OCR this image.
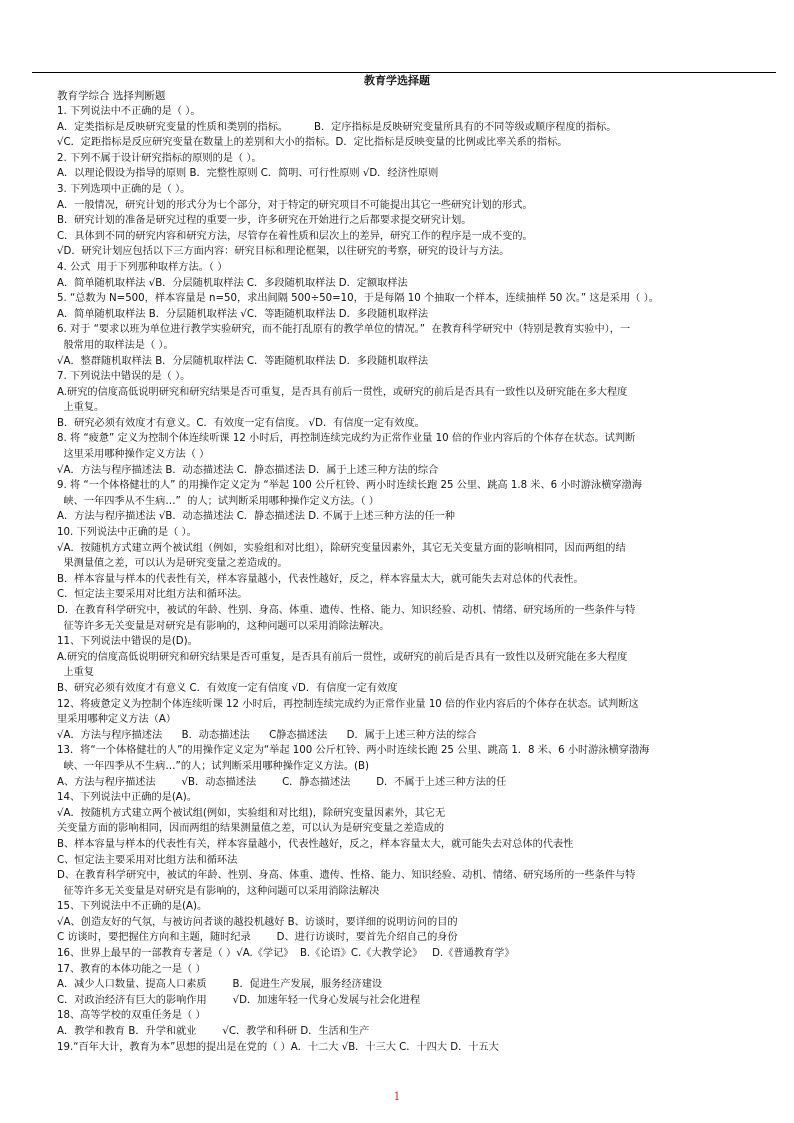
教育学选择题
教育学综合 选择判断题
1. 下列说法中不正确的是（ ）。
A．定类指标是反映研究变量的性质和类别的指标。        B．定序指标是反映研究变量所具有的不同等级或顺序程度的指标。
√C．定距指标是反应研究变量在数量上的差别和大小的指标。D．定比指标是反映变量的比例或比率关系的指标。
2. 下列不属于设计研究指标的原则的是（ ）。
A．以理论假设为指导的原则 B．完整性原则 C．简明、可行性原则 √D．经济性原则
3. 下列选项中正确的是（ ）。
A．一般情况，研究计划的形式分为七个部分，对于特定的研究项目不可能提出其它一些研究计划的形式。
B．研究计划的准备是研究过程的重要一步，许多研究在开始进行之后都要求提交研究计划。
C．具体到不同的研究内容和研究方法，尽管存在着性质和层次上的差异，研究工作的程序是一成不变的。
√D．研究计划应包括以下三方面内容：研究目标和理论框架，以往研究的考察，研究的设计与方法。
4. 公式  用于下列那种取样方法。（ ）
A．简单随机取样法 √B．分层随机取样法 C．多段随机取样法 D．定额取样法
5. “总数为 N=500，样本容量是 n=50，求出间隔 500÷50=10，于是每隔 10 个抽取一个样本，连续抽样 50 次。” 这是采用（ ）。
A．简单随机取样法 B．分层随机取样法 √C．等距随机取样法 D．多段随机取样法
6. 对于 “要求以班为单位进行教学实验研究，而不能打乱原有的教学单位的情况。”  在教育科学研究中（特别是教育实验中），一
般常用的取样法是（ ）。
√A．整群随机取样法 B．分层随机取样法 C．等距随机取样法 D．多段随机取样法
7. 下列说法中错误的是（ ）。
A.研究的信度高低说明研究和研究结果是否可重复，是否具有前后一贯性，或研究的前后是否具有一致性以及研究能在多大程度
上重复。
B．研究必须有效度才有意义。C．有效度一定有信度。 √D．有信度一定有效度。
8. 将 “疲惫” 定义为控制个体连续听课 12 小时后，再控制连续完成约为正常作业量 10 倍的作业内容后的个体存在状态。试判断
这里采用哪种操作定义方法（ ）
√A．方法与程序描述法 B．动态描述法 C．静态描述法 D．属于上述三种方法的综合
9. 将 “一个体格健壮的人” 的用操作定义定为 “举起 100 公斤杠铃、两小时连续长跑 25 公里、跳高 1.8 米、6 小时游泳横穿渤海
峡、一年四季从不生病…”  的人；试判断采用哪种操作定义方法。（ ）
A．方法与程序描述法 √B．动态描述法 C．静态描述法 D. 不属于上述三种方法的任一种
10. 下列说法中正确的是（ ）。
√A．按随机方式建立两个被试组（例如，实验组和对比组），除研究变量因素外，其它无关变量方面的影响相同，因而两组的结
果测量值之差，可以认为是研究变量之差造成的。
B．样本容量与样本的代表性有关，样本容量越小，代表性越好，反之，样本容量太大，就可能失去对总体的代表性。
C．恒定法主要采用对比组方法和循环法。
D．在教育科学研究中，被试的年龄、性别、身高、体重、遗传、性格、能力、知识经验、动机、情绪、研究场所的一些条件与特
征等许多无关变量是对研究是有影响的，这种问题可以采用消除法解决。
11、下列说法中错误的是(D)。
A.研究的信度高低说明研究和研究结果是否可重复，是否具有前后一贯性，或研究的前后是否具有一致性以及研究能在多大程度
上重复
B、研究必须有效度才有意义 C．有效度一定有信度 √D．有信度一定有效度
12、将疲惫定义为控制个体连续听课 12 小时后，再控制连续完成约为正常作业量 10 倍的作业内容后的个体存在状态。试判断这
里采用哪种定义方法（A）
√A．方法与程序描述法      B．动态描述法      C静态描述法      D．属于上述三种方法的综合
13．将“一个体格健壮的人”的用操作定义定为“举起 100 公斤杠铃、两小时连续长跑 25 公里、跳高 1．8 米、6 小时游泳横穿渤海
峡、一年四季从不生病…”的人；试判断采用哪种操作定义方法。(B)
A、方法与程序描述法        √B．动态描述法        C．静态描述法        D．不属于上述三种方法的任
14、下列说法中正确的是(A)。
√A．按随机方式建立两个被试组(例如，实验组和对比组)，除研究变量因素外，其它无
关变量方面的影响相同，因而两组的结果测量值之差，可以认为是研究变量之差造成的
B、样本容量与样本的代表性有关，样本容量越小，代表性越好，反之，样本容量太大，就可能失去对总体的代表性
C、恒定法主要采用对比组方法和循环法
D、在教育科学研究中，被试的年龄、性别、身高、体重、遗传、性格、能力、知识经验、动机、情绪、研究场所的一些条件与特
征等许多无关变量是对研究是有影响的，这种问题可以采用消除法解决
15、下列说法中不正确的是(A)。
√A、创造友好的气氛，与被访问者谈的越投机越好 B、访谈时，要详细的说明访问的目的
C 访谈时，要把握住方向和主题，随时纪录        D、进行访谈时，要首先介绍自己的身份
16、世界上最早的一部教育专著是（ ）√A.《学记》  B.《论语》C.《大教学论》   D.《普通教育学》
17、教育的本体功能之一是（ ）
A．减少人口数量、提高人口素质        B．促进生产发展，服务经济建设
C．对政治经济有巨大的影响作用        √D．加速年轻一代身心发展与社会化进程
18、高等学校的双重任务是（ ）
A．教学和教育 B．升学和就业        √C．教学和科研 D．生活和生产
19.“百年大计，教育为本”思想的提出是在党的（ ）A．十二大 √B．十三大 C．十四大 D．十五大
1
